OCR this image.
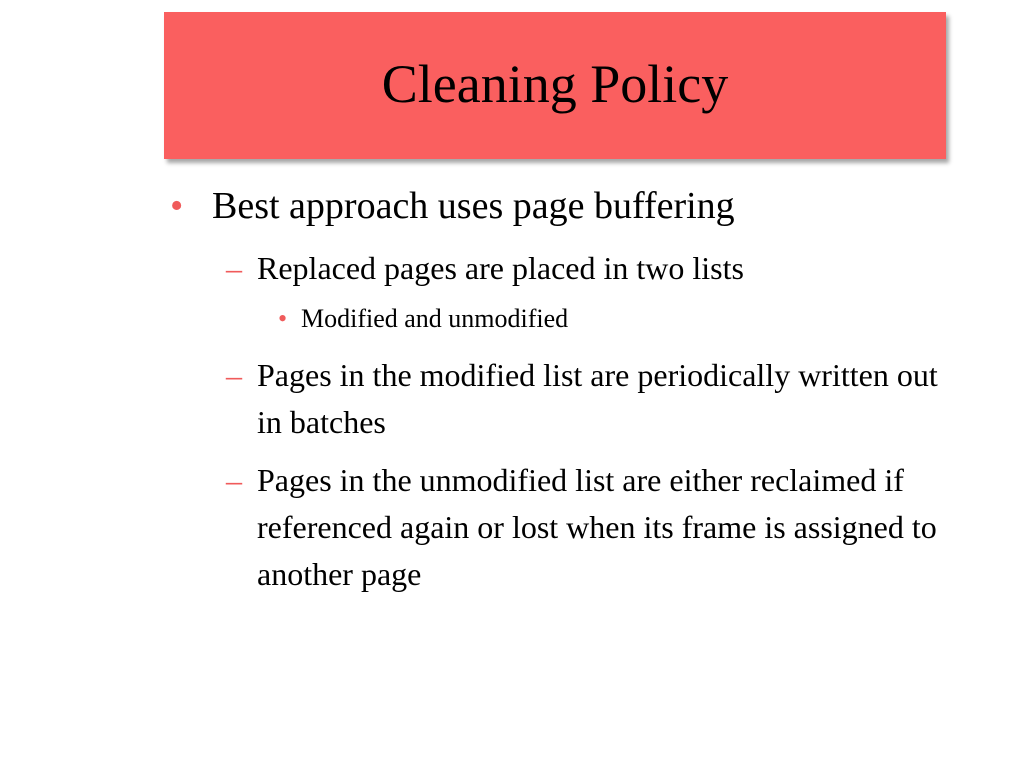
Cleaning Policy
• Best approach uses page buffering
– Replaced pages are placed in two lists
• Modified and unmodified
– Pages in the modified list are periodically written out in batches
– Pages in the unmodified list are either reclaimed if referenced again or lost when its frame is assigned to another page
